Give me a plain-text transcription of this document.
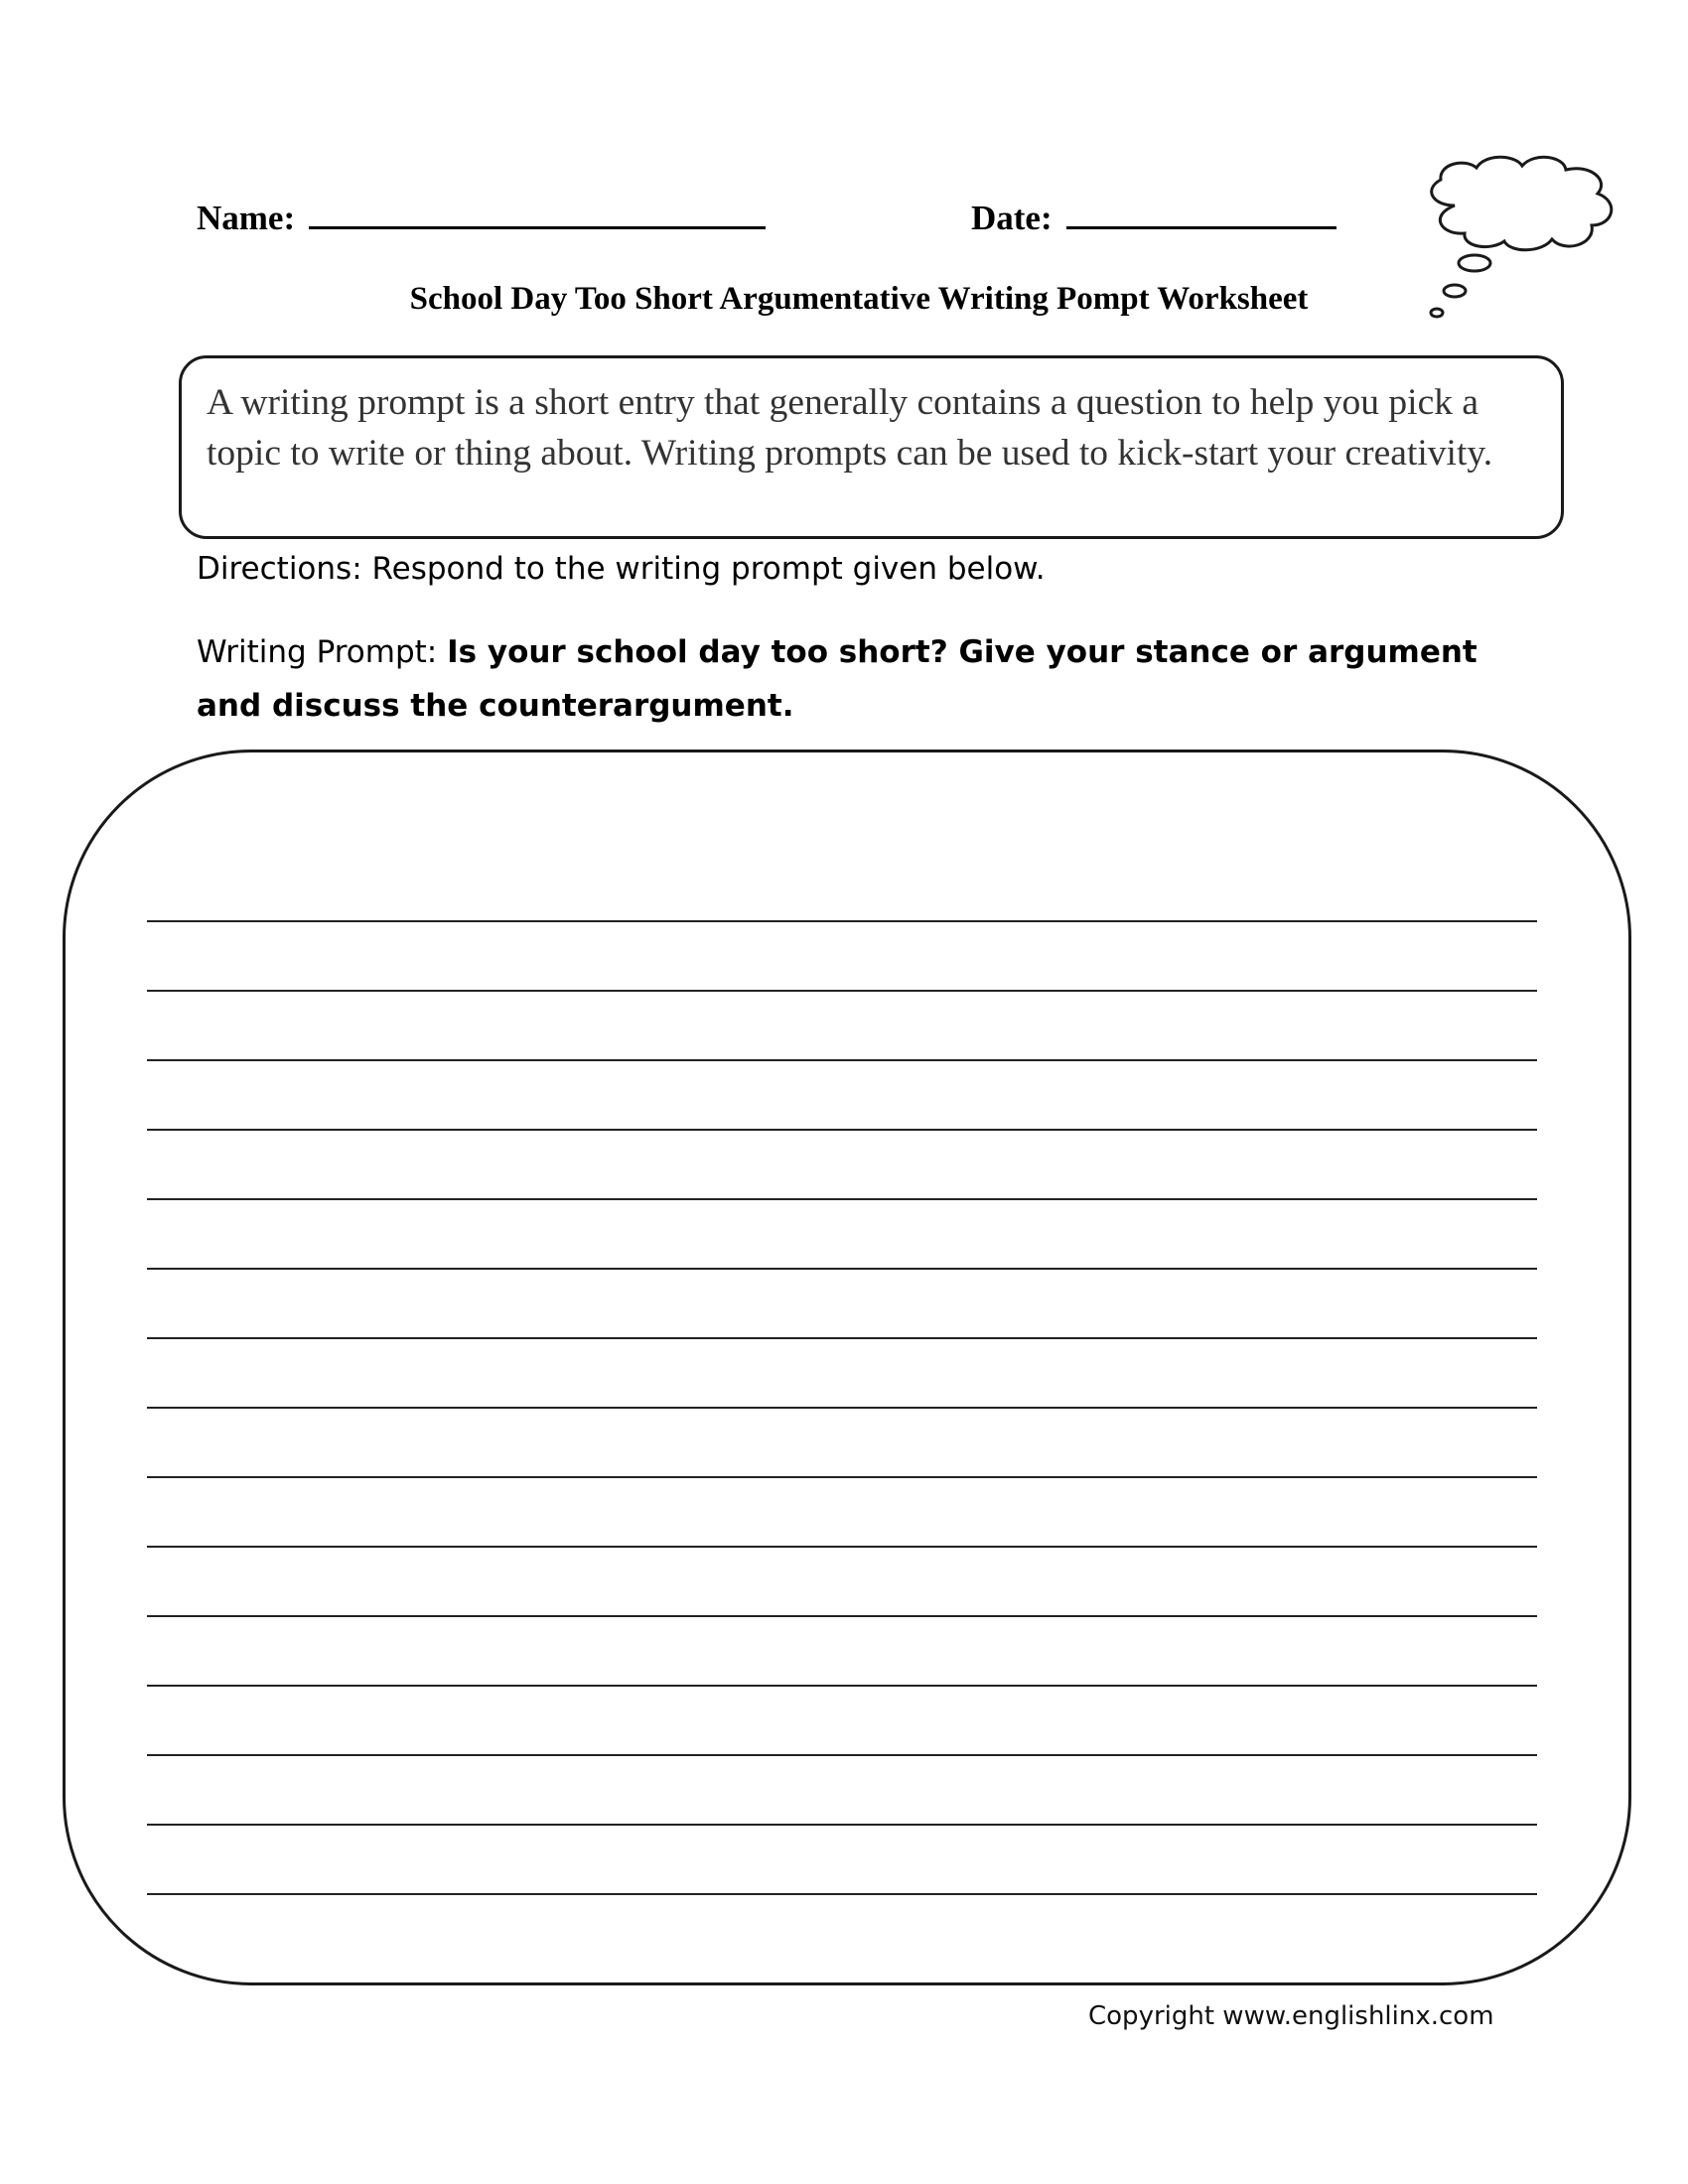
Name:	Date:
School Day Too Short Argumentative Writing Pompt Worksheet
A writing prompt is a short entry that generally contains a question to help you pick a topic to write or thing about. Writing prompts can be used to kick-start your creativity.
Directions: Respond to the writing prompt given below.
Writing Prompt: Is your school day too short? Give your stance or argument and discuss the counterargument.
Copyright www.englishlinx.com
